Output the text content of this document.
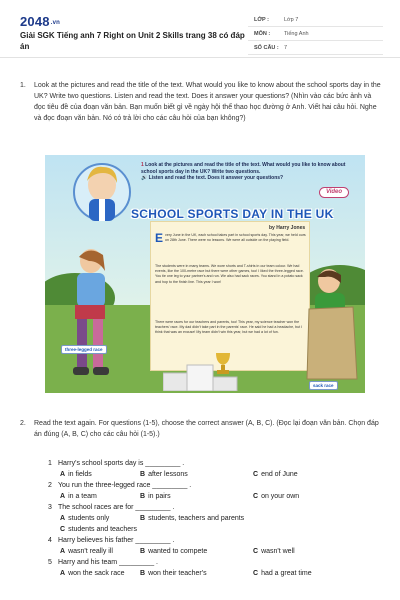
2048.vn
Giải SGK Tiếng anh 7 Right on Unit 2 Skills trang 38 có đáp án
LỚP :	Lớp 7
MÔN :	Tiếng Anh
SỐ CÂU : 7
1. Look at the pictures and read the title of the text. What would you like to know about the school sports day in the UK? Write two questions. Listen and read the text. Does it answer your questions? (Nhìn vào các bức ảnh và đọc tiêu đề của đoạn văn bản. Bạn muốn biết gì về ngày hội thể thao học đường ở Anh. Viết hai câu hỏi. Nghe và đọc đoạn văn bản. Nó có trả lời cho các câu hỏi của bạn không?)
1 Look at the pictures and read the title of the text. What would you like to know about school sports day in the UK? Write two questions.
🔊 Listen and read the text. Does it answer your questions?
Video
SCHOOL SPORTS DAY IN THE UK
by Harry Jones
Every June in the UK, each school takes part in school sports day. This year, we held ours on 28th June. There were no lessons. We were all outside on the playing field.
The students were in many teams. We wore shorts and T-shirts in our team colour. We had events, like the 100-metre race but there were other games, too! I liked the three-legged race. You tie one leg to your partner's and run. We also had sack races. You stand in a potato sack and hop to the finish line. This year I won!
There were races for our teachers and parents, too! This year, my science teacher won the teachers' race. My dad didn't take part in the parents' race. He said he had a headache, but I think that was an excuse! My team didn't win this year, but we had a lot of fun.
three-legged race
sack race
2. Read the text again. For questions (1-5), choose the correct answer (A, B, C). (Đọc lại đoạn văn bản. Chọn đáp án đúng (A, B, C) cho các câu hỏi (1-5).)
1 Harry's school sports day is _________ .
A in fields	B after lessons	C end of June
2 You run the three-legged race _________ .
A in a team	B in pairs	C on your own
3 The school races are for _________ .
A students only	B students, teachers and parents
C students and teachers
4 Harry believes his father _________ .
A wasn't really ill	B wanted to compete	C wasn't well
5 Harry and his team _________ .
A won the sack race B won their teacher's	C had a great time
